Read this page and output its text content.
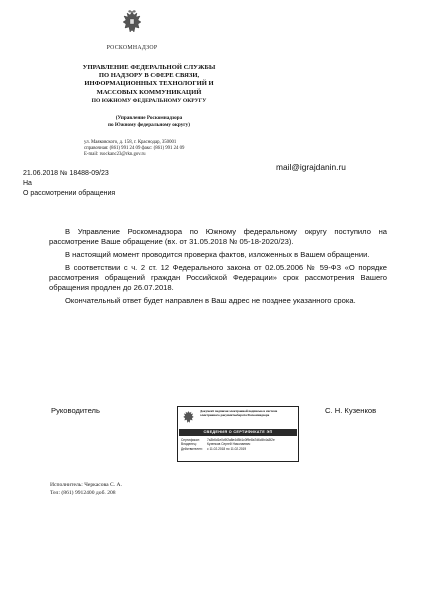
РОСКОМНАДЗОР
УПРАВЛЕНИЕ ФЕДЕРАЛЬНОЙ СЛУЖБЫ
ПО НАДЗОРУ В СФЕРЕ СВЯЗИ,
ИНФОРМАЦИОННЫХ ТЕХНОЛОГИЙ И
МАССОВЫХ КОММУНИКАЦИЙ
ПО ЮЖНОМУ ФЕДЕРАЛЬНОМУ ОКРУГУ
(Управление Роскомнадзора
по Южному федеральному округу)
ул. Маяковского, д. 158, г. Краснодар, 350001
справочная: (861) 991 24 09 факс: (861) 991 24 09
E-mail: rsockanc23@rkn.gov.ru
mail@igrajdanin.ru
21.06.2018 № 18488-09/23
На
О рассмотрении обращения

В Управление Роскомнадзора по Южному федеральному округу поступило на рассмотрение Ваше обращение (вх. от 31.05.2018 № 05-18-2020/23).

В настоящий момент проводится проверка фактов, изложенных в Вашем обращении.

В соответствии с ч. 2 ст. 12 Федерального закона от 02.05.2006 № 59-ФЗ «О порядке рассмотрения обращений граждан Российской Федерации» срок рассмотрения Вашего обращения продлен до 26.07.2018.

Окончательный ответ будет направлен в Ваш адрес не позднее указанного срока.

Руководитель	Документ подписан электронной подписью в системе электронного документооборота Роскомнадзора
СВЕДЕНИЯ О СЕРТИФИКАТЕ ЭП
Сертификат:	7a3b6d1e0c9f2a8e4d5b1c0f9e8a7d6c5b4a3f2e
Владелец:	Кузенков Сергей Николаевич
Действителен:	с 11.02.2018 по 11.02.2019
С. Н. Кузенков
Исполнитель: Черкасова С. А.
Тел: (861) 9912400 доб. 208
